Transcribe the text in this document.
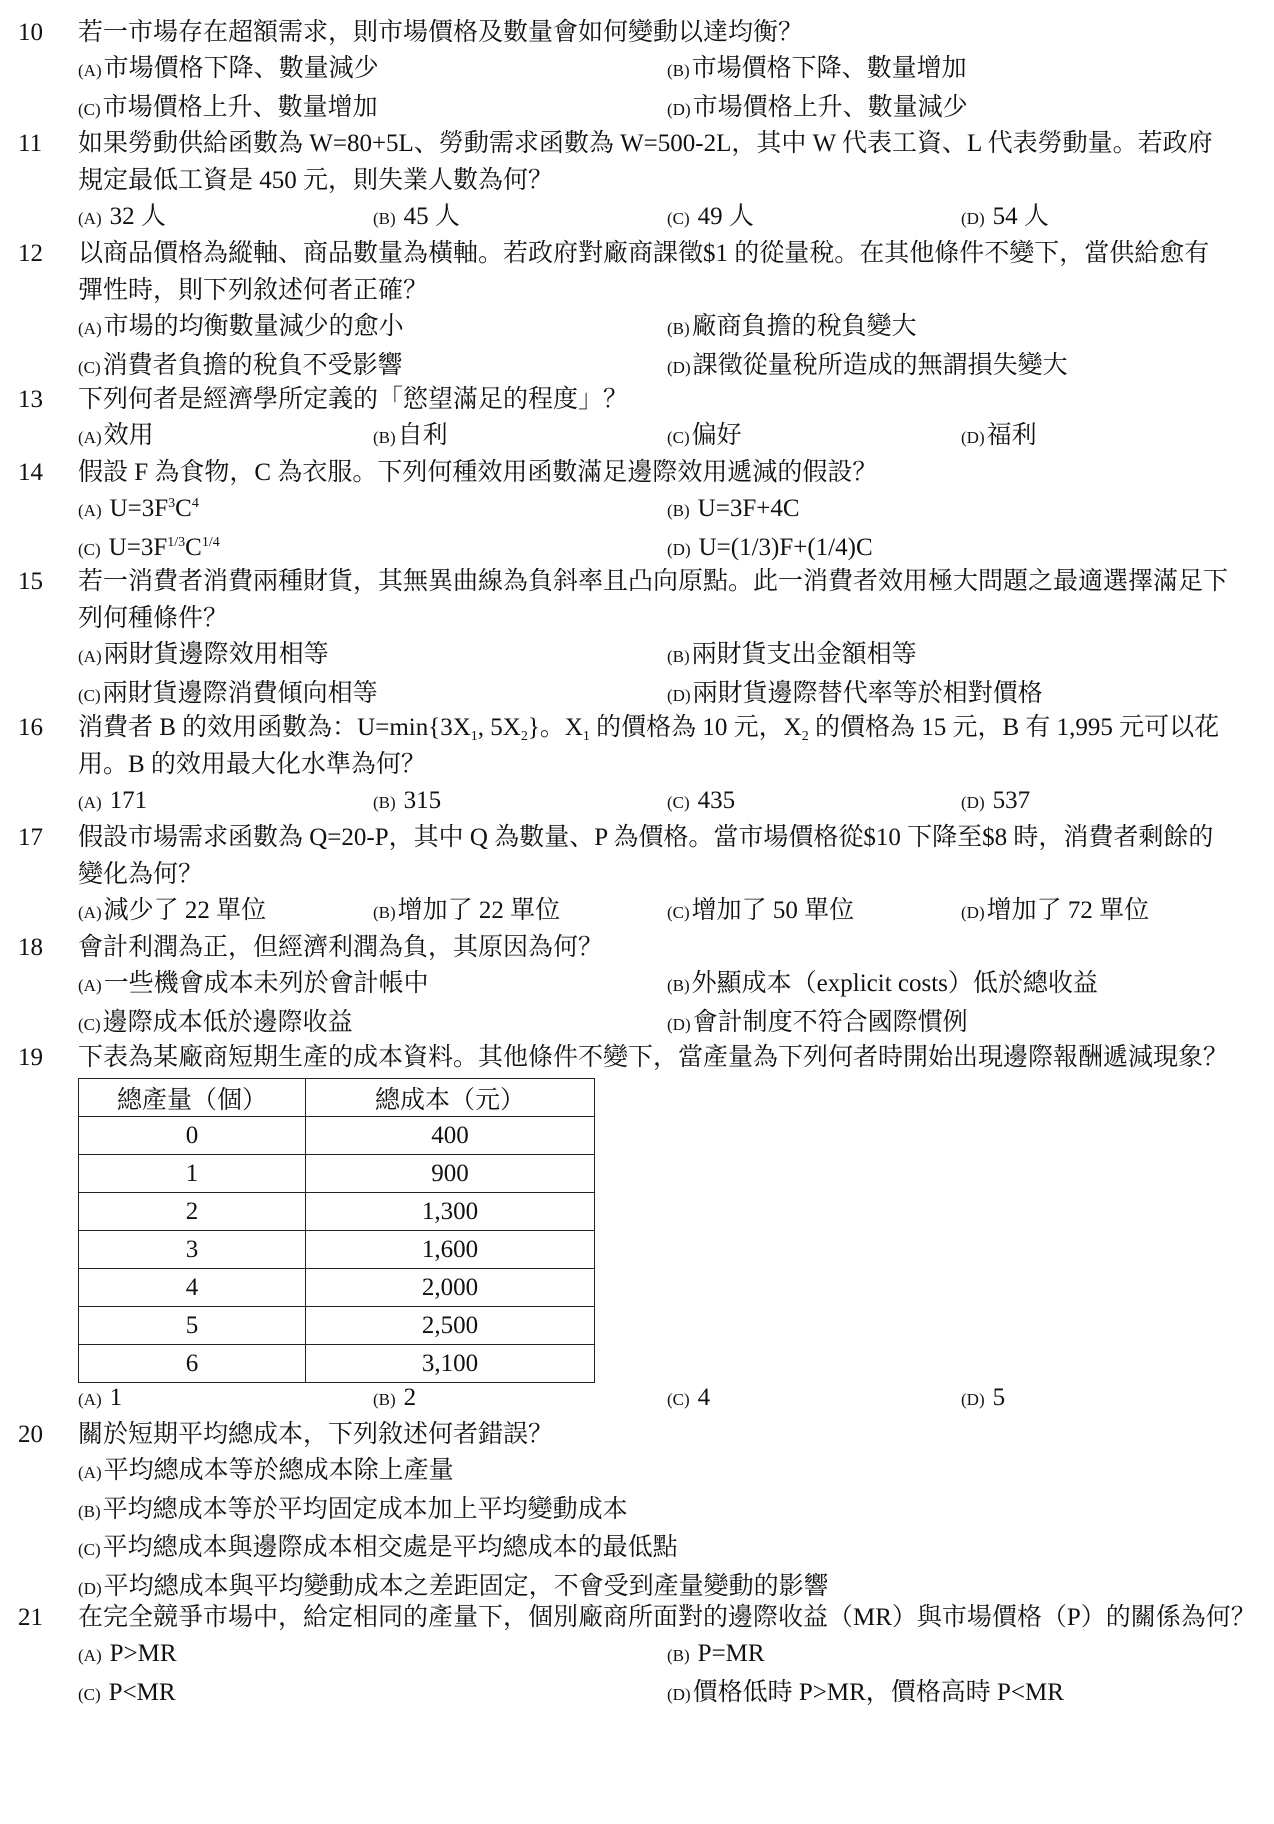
10	若一市場存在超額需求，則市場價格及數量會如何變動以達均衡？
(A)市場價格下降、數量減少	(B)市場價格下降、數量增加
(C)市場價格上升、數量增加	(D)市場價格上升、數量減少
11	如果勞動供給函數為 W=80+5L、勞動需求函數為 W=500-2L，其中 W 代表工資、L 代表勞動量。若政府
規定最低工資是 450 元，則失業人數為何？
(A) 32 人	(B) 45 人	(C) 49 人	(D) 54 人
12	以商品價格為縱軸、商品數量為橫軸。若政府對廠商課徵$1 的從量稅。在其他條件不變下，當供給愈有
彈性時，則下列敘述何者正確？
(A)市場的均衡數量減少的愈小	(B)廠商負擔的稅負變大
(C)消費者負擔的稅負不受影響	(D)課徵從量稅所造成的無謂損失變大
13	下列何者是經濟學所定義的「慾望滿足的程度」？
(A)效用	(B)自利	(C)偏好	(D)福利
14	假設 F 為食物，C 為衣服。下列何種效用函數滿足邊際效用遞減的假設？
(A) $U=3F^3C^4$	(B) U=3F+4C
(C) $U=3F^{1/3}C^{1/4}$	(D) U=(1/3)F+(1/4)C
15	若一消費者消費兩種財貨，其無異曲線為負斜率且凸向原點。此一消費者效用極大問題之最適選擇滿足下
列何種條件？
(A)兩財貨邊際效用相等	(B)兩財貨支出金額相等
(C)兩財貨邊際消費傾向相等	(D)兩財貨邊際替代率等於相對價格
16	消費者 B 的效用函數為：$U=\min\{3X_1$, $5X_2$}。$X_1$ 的價格為 10 元，$X_2$ 的價格為 15 元，B 有 1,995 元可以花
用。B 的效用最大化水準為何？
(A) 171	(B) 315	(C) 435	(D) 537
17	假設市場需求函數為 Q=20-P，其中 Q 為數量、P 為價格。當市場價格從$10 下降至$8 時，消費者剩餘的
變化為何？
(A)減少了 22 單位	(B)增加了 22 單位	(C)增加了 50 單位	(D)增加了 72 單位
18	會計利潤為正，但經濟利潤為負，其原因為何？
(A)一些機會成本未列於會計帳中	(B)外顯成本（explicit costs）低於總收益
(C)邊際成本低於邊際收益	(D)會計制度不符合國際慣例
19	下表為某廠商短期生產的成本資料。其他條件不變下，當產量為下列何者時開始出現邊際報酬遞減現象？
總產量（個）	總成本（元）
0	400
1	900
2	1,300
3	1,600
4	2,000
5	2,500
6	3,100
(A) 1	(B) 2	(C) 4	(D) 5
20	關於短期平均總成本，下列敘述何者錯誤？
(A)平均總成本等於總成本除上產量
(B)平均總成本等於平均固定成本加上平均變動成本
(C)平均總成本與邊際成本相交處是平均總成本的最低點
(D)平均總成本與平均變動成本之差距固定，不會受到產量變動的影響
21	在完全競爭市場中，給定相同的產量下，個別廠商所面對的邊際收益（MR）與市場價格（P）的關係為何？
(A) P>MR	(B) P=MR
(C) P<MR	(D)價格低時 P>MR，價格高時 P<MR
